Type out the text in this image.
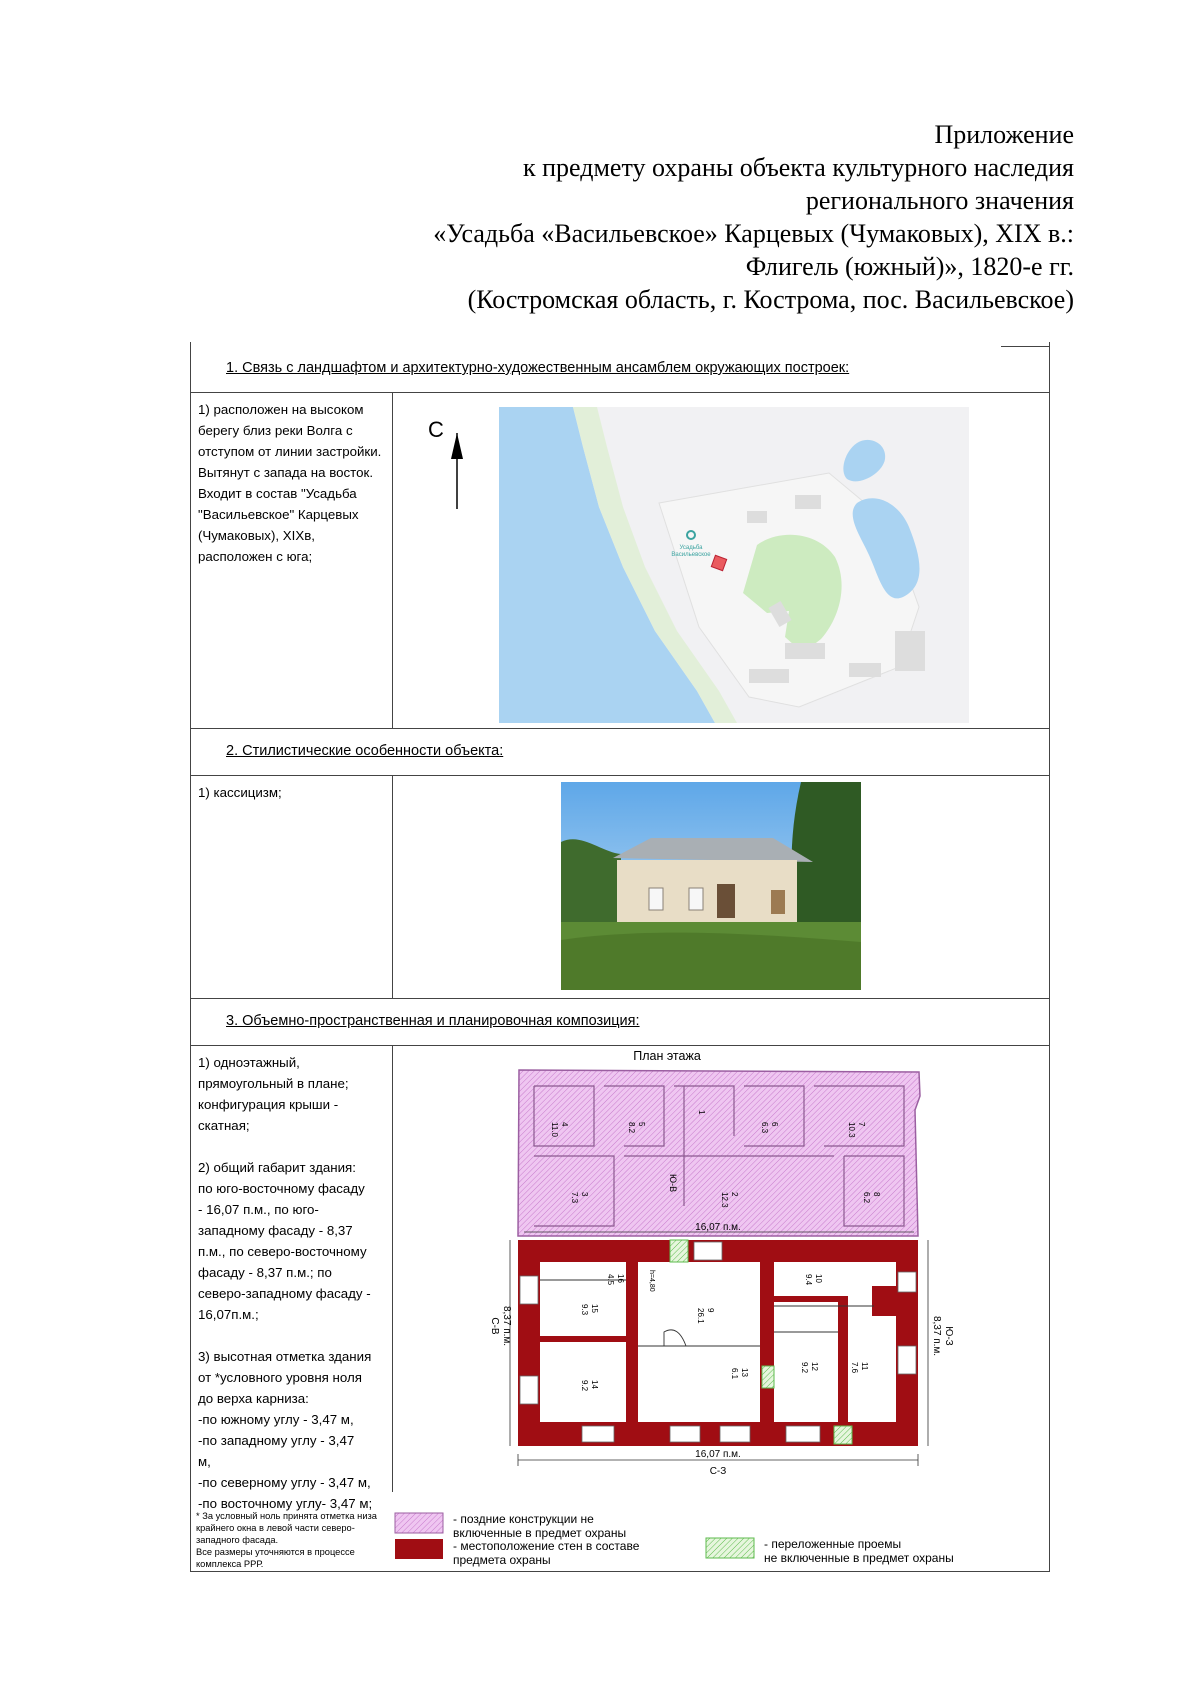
Приложение
к предмету охраны объекта культурного наследия
регионального значения
«Усадьба «Васильевское» Карцевых (Чумаковых), XIX в.:
Флигель (южный)», 1820-е гг.
(Костромская область, г. Кострома, пос. Васильевское)
1. Связь с ландшафтом и архитектурно-художественным ансамблем окружающих построек:
1) расположен на высоком берегу близ реки Волга с отступом от линии застройки. Вытянут с запада на восток. Входит в состав "Усадьба "Васильевское" Карцевых (Чумаковых), XIXв, расположен с юга;
С
Усадьба
Васильевское
2. Стилистические особенности объекта:
1) кассицизм;
3. Объемно-пространственная и планировочная композиция:
1) одноэтажный,
прямоугольный в плане;
конфигурация крыши -
скатная;

2) общий габарит здания:
по юго-восточному фасаду
- 16,07 п.м., по юго-
западному фасаду - 8,37
п.м., по северо-восточному
фасаду - 8,37 п.м.; по
северо-западному фасаду -
16,07п.м.;

3) высотная отметка здания
от *условного уровня ноля
до верха карниза:
-по южному углу - 3,47 м,
-по западному углу - 3,47
м,
-по северному углу - 3,47 м,
-по восточному углу- 3,47 м;
* За условный ноль принята отметка низа крайнего окна в левой части северо-западного фасада.
Все размеры уточняются в процессе комплекса РРР.
План этажа
4
11.0	5
8.2
1
6
6.3	7
10.3
3
7.3	2
12.3	8
6.2
Ю-В
16,07 п.м.
16
4.5
9
26.1
h=4,80	10
9.4
15
9.3
12
9.2	11
7.6
13
6.1
14
9.2
16,07 п.м.
С-З
8,37 п.м.
С-В	8,37 п.м. Ю-З
- поздние конструкции не
включенные в предмет охраны
- местоположение стен в составе
предмета охраны
- переложенные проемы
не включенные в предмет охраны
